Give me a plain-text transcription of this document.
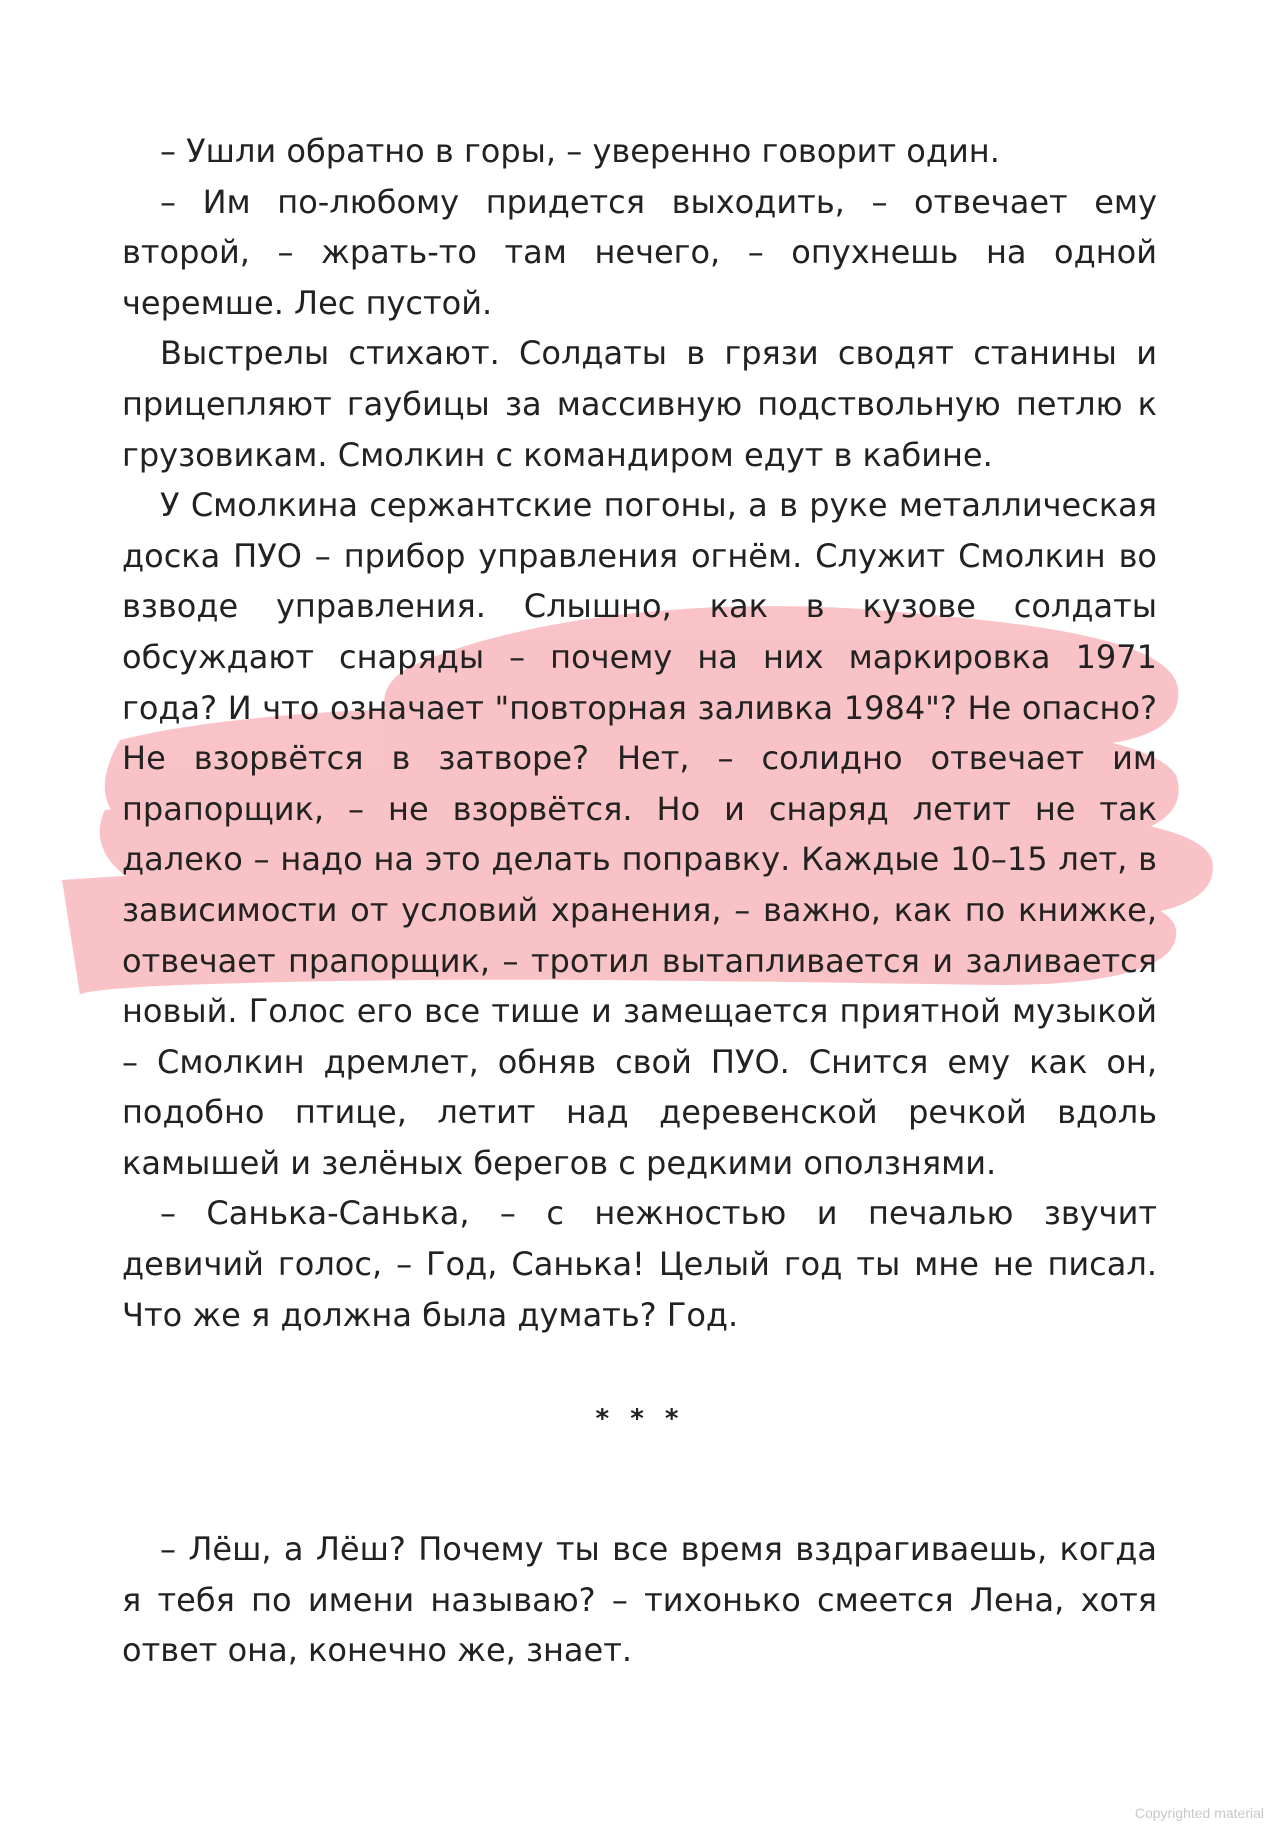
– Ушли обратно в горы, – уверенно говорит один.

– Им по-любому придется выходить, – отвечает ему второй, – жрать-то там нечего, – опухнешь на одной черемше. Лес пустой.

Выстрелы стихают. Солдаты в грязи сводят станины и прицепляют гаубицы за массивную подствольную петлю к грузовикам. Смолкин с командиром едут в кабине.

У Смолкина сержантские погоны, а в руке металлическая доска ПУО – прибор управления огнём. Служит Смолкин во взводе управления. Слышно, как в кузове солдаты обсуждают снаряды – почему на них маркировка 1971 года? И что означает "повторная заливка 1984"? Не опасно? Не взорвётся в затворе? Нет, – солидно отвечает им прапорщик, – не взорвётся. Но и снаряд летит не так далеко – надо на это делать поправку. Каждые 10–15 лет, в зависимости от условий хранения, – важно, как по книжке, отвечает прапорщик, – тротил вытапливается и заливается новый. Голос его все тише и замещается приятной музыкой – Смолкин дремлет, обняв свой ПУО. Снится ему как он, подобно птице, летит над деревенской речкой вдоль камышей и зелёных берегов с редкими оползнями.

– Санька-Санька, – с нежностью и печалью звучит девичий голос, – Год, Санька! Целый год ты мне не писал. Что же я должна была думать? Год.

* * *

– Лёш, а Лёш? Почему ты все время вздрагиваешь, когда я тебя по имени называю? – тихонько смеется Лена, хотя ответ она, конечно же, знает.

Copyrighted material
